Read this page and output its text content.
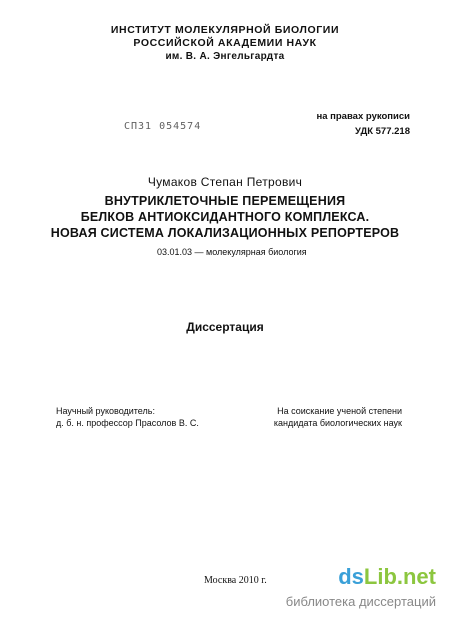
ИНСТИТУТ МОЛЕКУЛЯРНОЙ БИОЛОГИИ
РОССИЙСКОЙ АКАДЕМИИ НАУК
им. В. А. Энгельгардта
на правах рукописи
УДК 577.218
СП31 054574
Чумаков Степан Петрович
ВНУТРИКЛЕТОЧНЫЕ ПЕРЕМЕЩЕНИЯ
БЕЛКОВ АНТИОКСИДАНТНОГО КОМПЛЕКСА.
НОВАЯ СИСТЕМА ЛОКАЛИЗАЦИОННЫХ РЕПОРТЕРОВ
03.01.03 — молекулярная биология
Диссертация
Научный руководитель:
д. б. н. профессор Прасолов В. С.
На соискание ученой степени
кандидата биологических наук
Москва 2010 г.	dsLib.net
библиотека диссертаций
